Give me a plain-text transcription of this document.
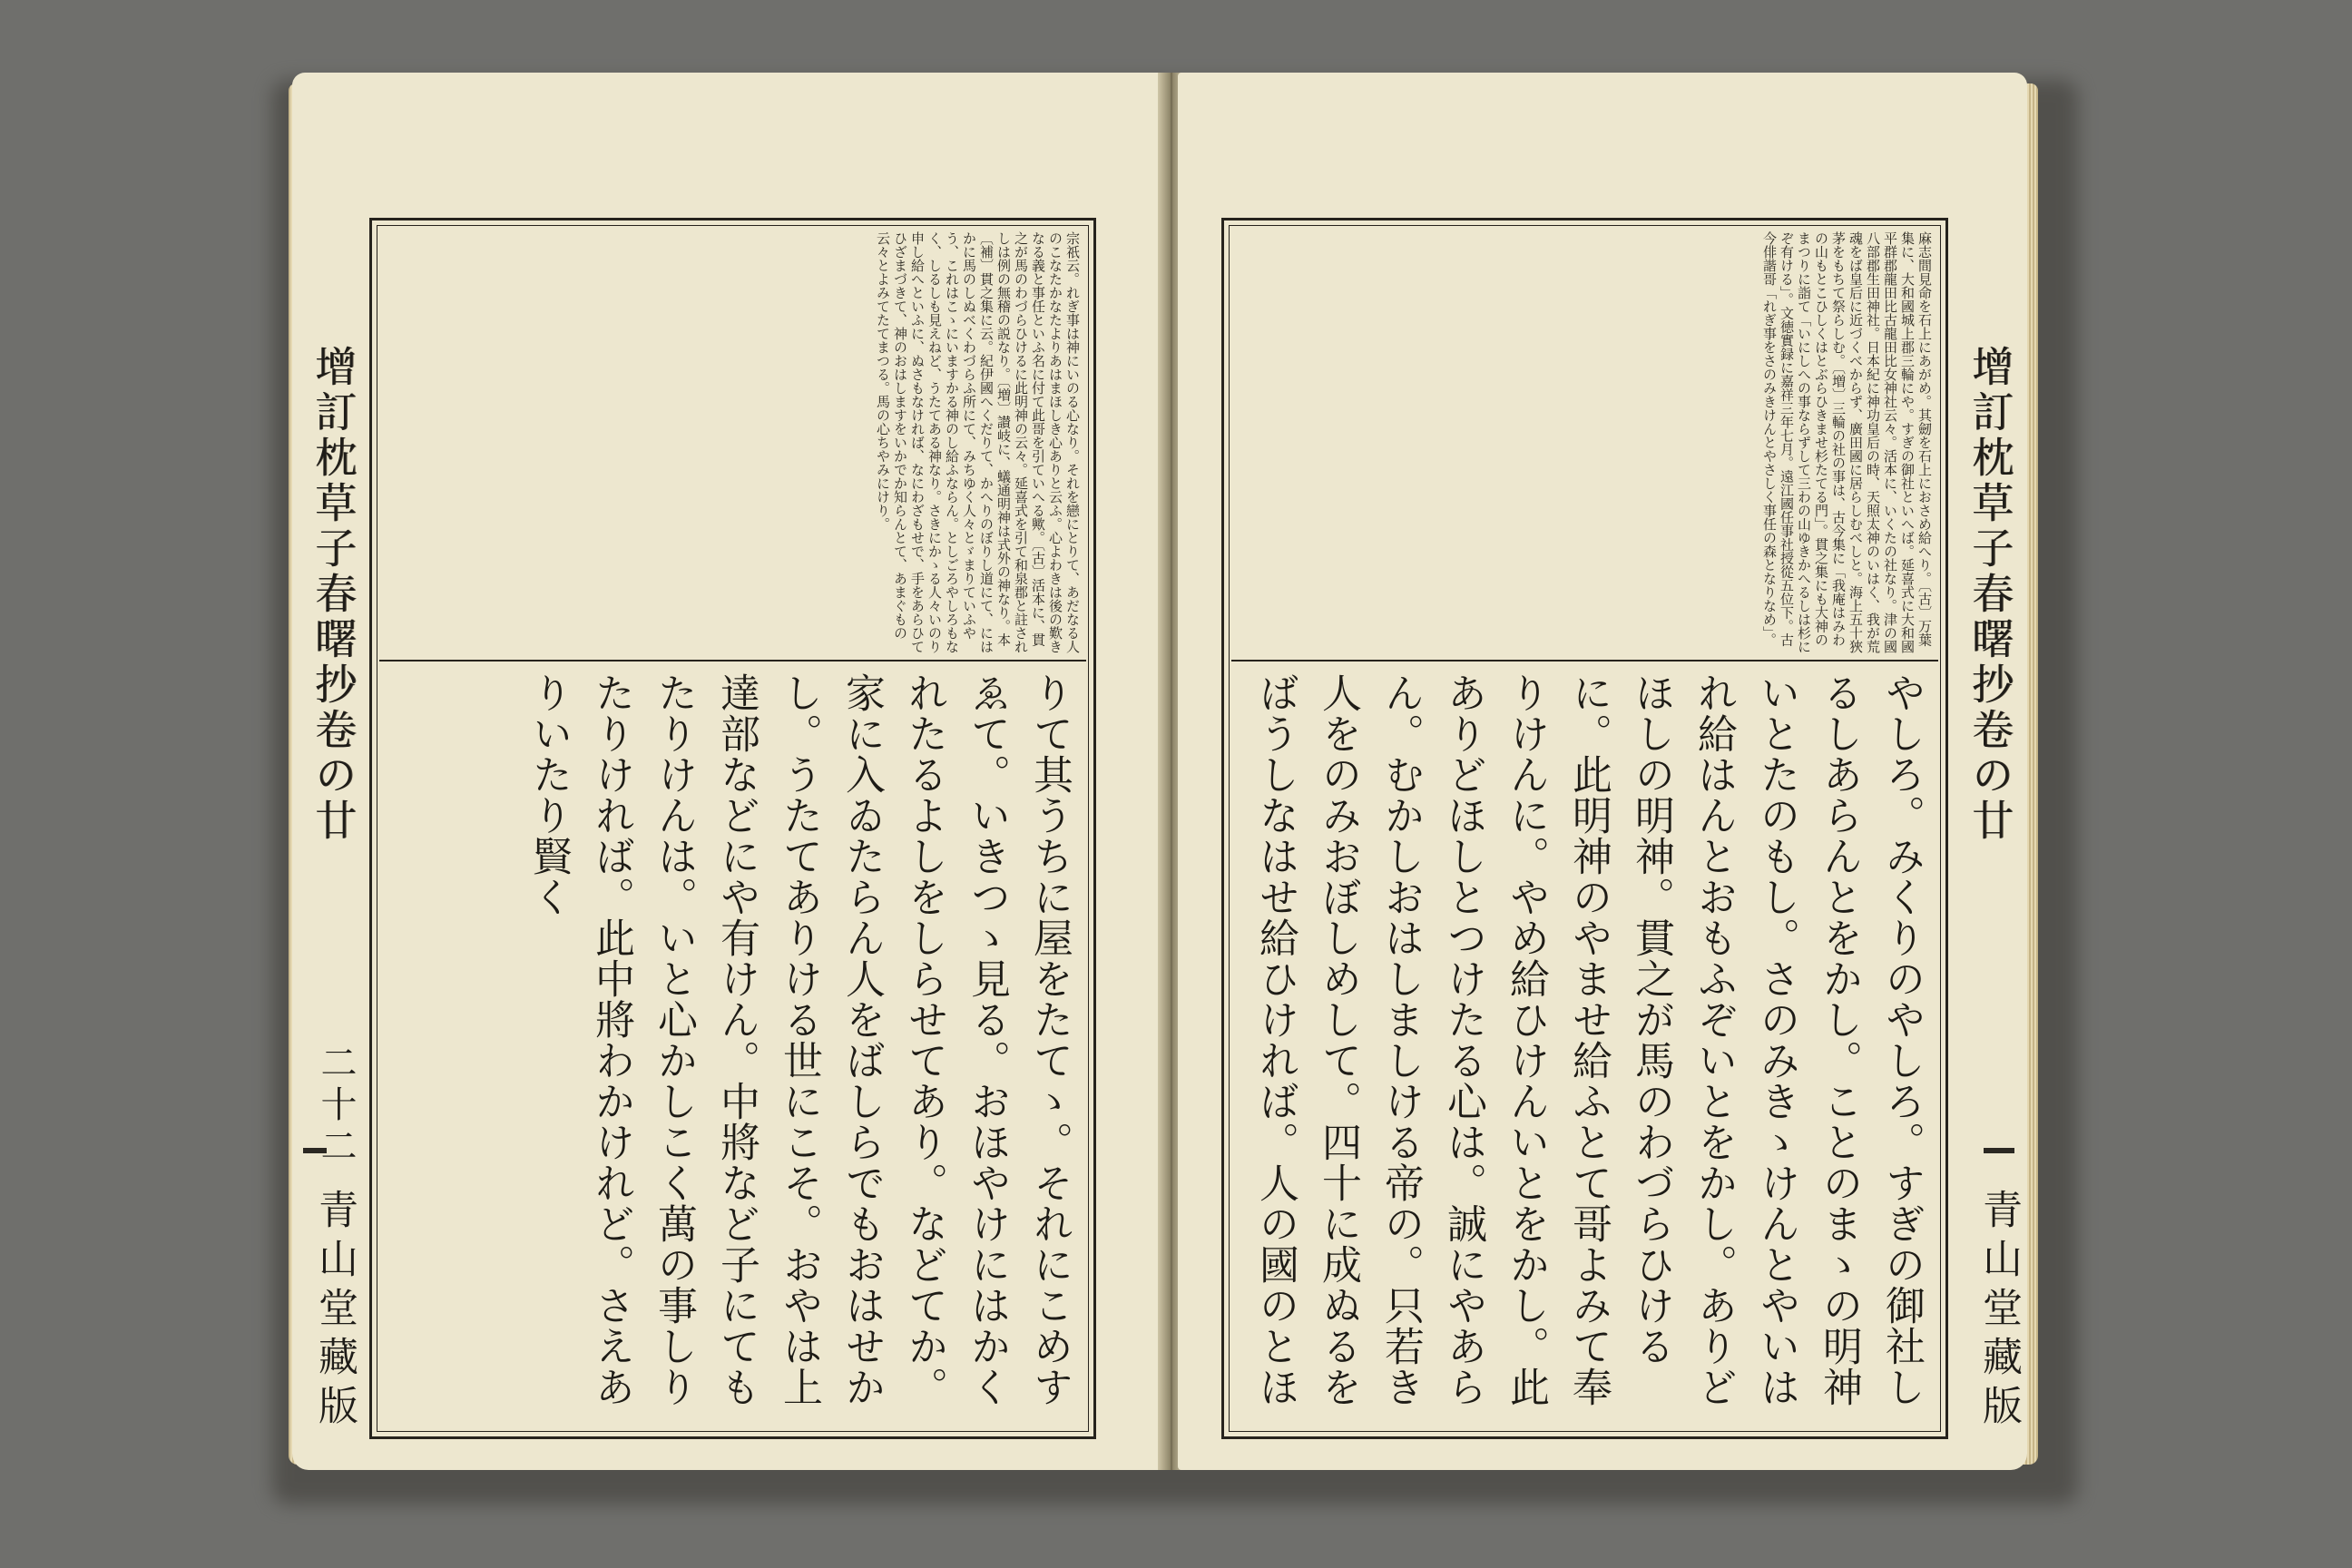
增訂枕草子春曙抄卷の廿	宗祇云。れぎ事は神にいのる心なり。それを戀にとりて、あだなる人のこなたかなたよりあはまほしき心ありと云ふ。心よわきは後の歎きなる義と事任といふ名に付て此哥を引ていへる歟。〔古〕活本に、貫之が馬のわづらひけるに此明神の云々。延喜式を引て和泉郡と註されしは例の無稽の説なり。〔増〕讃岐に、蟻通明神は式外の神なり。本〔補〕貫之集に云。紀伊國へくだりて、かへりのぼりし道にて、にはかに馬のしぬべくわづらふ所にて、みちゆく人々とゞまりていふやう、これはこゝにいますかる神のし給ふならん。としごろやしろもなく、しるしも見えねど、うたてある神なり。さきにかゝる人々いのり申し給へといふに、ぬさもなければ、なにわざもせで、手をあらひてひざまづきて、神のおはしますをいかでか知らんとて、あまぐもの云々とよみてたてまつる。馬の心ちやみにけり。
りて其うちに屋をたてゝ。それにこめすゑて。いきつゝ見る。おほやけにはかくれたるよしをしらせてあり。などてか。家に入ゐたらん人をばしらでもおはせかし。うたてありける世にこそ。おやは上達部などにや有けん。中將など子にてもたりけんは。いと心かしこく萬の事しりたりければ。此中將わかけれど。さえありいたり賢く
二十二
青山堂藏版
麻志間見命を石上にあがめ。其劒を石上におさめ給へり。〔古〕万葉集に、大和國城上郡三輪にや。すぎの御社といへば。延喜式に大和國平群郡龍田比古龍田比女神社云々。活本に、いくたの社なり。津の國八部郡生田神社。日本紀に神功皇后の時、天照太神のいはく、我が荒魂をば皇后に近づくべからず、廣田國に居らしむべしと。海上五十狹茅をもちて祭らしむ。〔増〕三輪の社の事は、古今集に「我庵はみわの山もとこひしくはとぶらひきませ杉たてる門」。貫之集にも大神のまつりに詣て「いにしへの事ならずして三わの山ゆきかへるしは杉にぞ有ける」。文徳實録に嘉祥三年七月。遠江國任事社授從五位下。古今俳諧哥「れぎ事をさのみきけんとやさしく事任の森となりなめ」。
やしろ。みくりのやしろ。すぎの御社しるしあらんとをかし。ことのまゝの明神いとたのもし。さのみきゝけんとやいはれ給はんとおもふぞいとをかし。ありどほしの明神。貫之が馬のわづらひけるに。此明神のやませ給ふとて哥よみて奉りけんに。やめ給ひけんいとをかし。此ありどほしとつけたる心は。誠にやあらん。むかしおはしましける帝の。只若き人をのみおぼしめして。四十に成ぬるをばうしなはせ給ひければ。人の國のとほ
增訂枕草子春曙抄卷の廿
青山堂藏版
